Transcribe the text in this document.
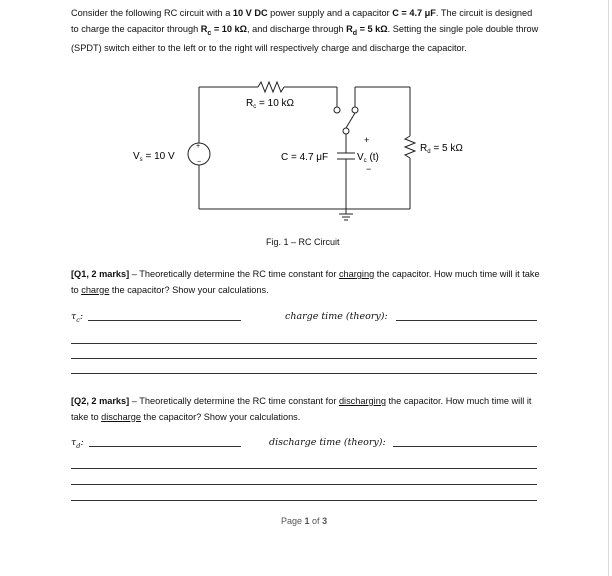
Consider the following RC circuit with a 10 V DC power supply and a capacitor C = 4.7 μF. The circuit is designed to charge the capacitor through $R_c = 10$ kΩ, and discharge through $R_d = 5$ kΩ. Setting the single pole double throw (SPDT) switch either to the left or to the right will respectively charge and discharge the capacitor.
+
−
$R_c = 10$ kΩ
$V_s = 10$ V	C = 4.7 μF
+
$V_c$ (t)
−
$R_d = 5$ kΩ
Fig. 1 – RC Circuit
[Q1, 2 marks] – Theoretically determine the RC time constant for charging the capacitor. How much time will it take to charge the capacitor? Show your calculations.
$\tau_c$:	charge time (theory):
[Q2, 2 marks] – Theoretically determine the RC time constant for discharging the capacitor. How much time will it take to discharge the capacitor? Show your calculations.
$\tau_d$:	discharge time (theory):
Page 1 of 3
